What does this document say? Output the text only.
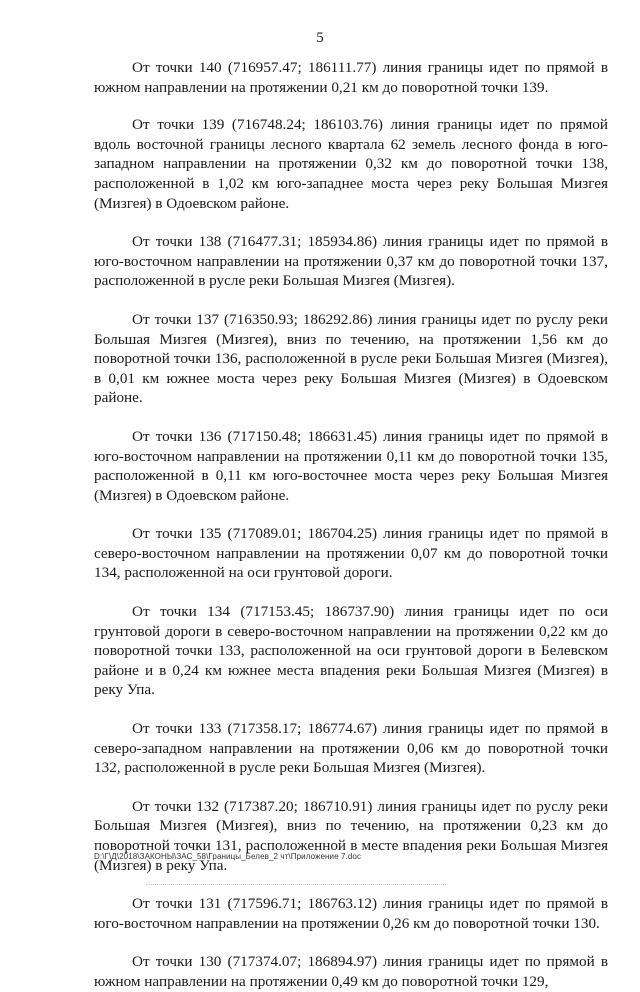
5

От точки 140 (716957.47; 186111.77) линия границы идет по прямой в южном направлении на протяжении 0,21 км до поворотной точки 139.

От точки 139 (716748.24; 186103.76) линия границы идет по прямой вдоль восточной границы лесного квартала 62 земель лесного фонда в юго-западном направлении на протяжении 0,32 км до поворотной точки 138, расположенной в 1,02 км юго-западнее моста через реку Большая Мизгея (Мизгея) в Одоевском районе.

От точки 138 (716477.31; 185934.86) линия границы идет по прямой в юго-восточном направлении на протяжении 0,37 км до поворотной точки 137, расположенной в русле реки Большая Мизгея (Мизгея).

От точки 137 (716350.93; 186292.86) линия границы идет по руслу реки Большая Мизгея (Мизгея), вниз по течению, на протяжении 1,56 км до поворотной точки 136, расположенной в русле реки Большая Мизгея (Мизгея), в 0,01 км южнее моста через реку Большая Мизгея (Мизгея) в Одоевском районе.

От точки 136 (717150.48; 186631.45) линия границы идет по прямой в юго-восточном направлении на протяжении 0,11 км до поворотной точки 135, расположенной в 0,11 км юго-восточнее моста через реку Большая Мизгея (Мизгея) в Одоевском районе.

От точки 135 (717089.01; 186704.25) линия границы идет по прямой в северо-восточном направлении на протяжении 0,07 км до поворотной точки 134, расположенной на оси грунтовой дороги.

От точки 134 (717153.45; 186737.90) линия границы идет по оси грунтовой дороги в северо-восточном направлении на протяжении 0,22 км до поворотной точки 133, расположенной на оси грунтовой дороги в Белевском районе и в 0,24 км южнее места впадения реки Большая Мизгея (Мизгея) в реку Упа.

От точки 133 (717358.17; 186774.67) линия границы идет по прямой в северо-западном направлении на протяжении 0,06 км до поворотной точки 132, расположенной в русле реки Большая Мизгея (Мизгея).

От точки 132 (717387.20; 186710.91) линия границы идет по руслу реки Большая Мизгея (Мизгея), вниз по течению, на протяжении 0,23 км до поворотной точки 131, расположенной в месте впадения реки Большая Мизгея (Мизгея) в реку Упа.

От точки 131 (717596.71; 186763.12) линия границы идет по прямой в юго-восточном направлении на протяжении 0,26 км до поворотной точки 130.

От точки 130 (717374.07; 186894.97) линия границы идет по прямой в южном направлении на протяжении 0,49 км до поворотной точки 129,

D:\Г\Д\2018\ЗАКОНЫ\ЗАС_58\Границы_Белев_2 чт\Приложение 7.doc
